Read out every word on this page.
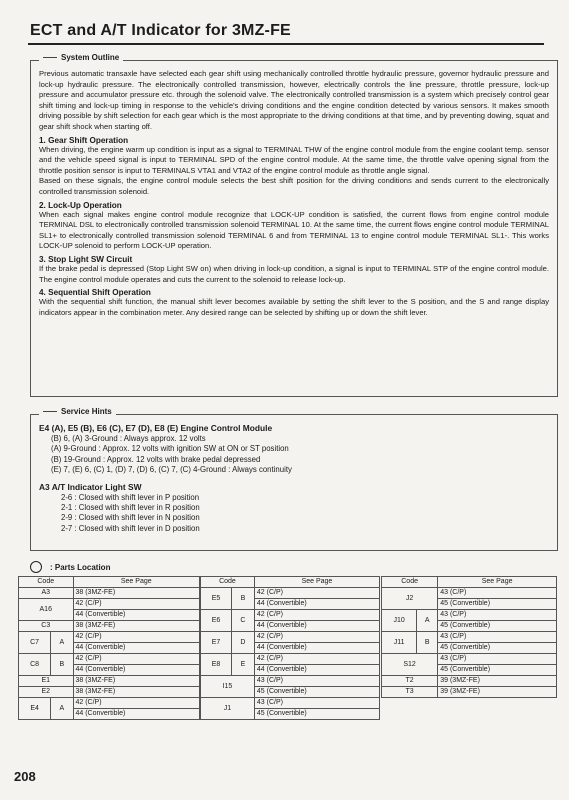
ECT and A/T Indicator for 3MZ-FE
System Outline

Previous automatic transaxle have selected each gear shift using mechanically controlled throttle hydraulic pressure, governor hydraulic pressure and lock-up hydraulic pressure. The electronically controlled transmission, however, electrically controls the line pressure, throttle pressure, lock-up pressure and accumulator pressure etc. through the solenoid valve. The electronically controlled transmission is a system which precisely control gear shift timing and lock-up timing in response to the vehicle's driving conditions and the engine condition detected by various sensors. It makes smooth driving possible by shift selection for each gear which is the most appropriate to the driving conditions at that time, and by preventing dowing, squat and gear shift shock when starting off.

1. Gear Shift Operation

When driving, the engine warm up condition is input as a signal to TERMINAL THW of the engine control module from the engine coolant temp. sensor and the vehicle speed signal is input to TERMINAL SPD of the engine control module. At the same time, the throttle valve opening signal from the throttle position sensor is input to TERMINALS VTA1 and VTA2 of the engine control module as throttle angle signal.

Based on these signals, the engine control module selects the best shift position for the driving conditions and sends current to the electronically controlled transmission solenoid.

2. Lock-Up Operation

When each signal makes engine control module recognize that LOCK-UP condition is satisfied, the current flows from engine control module TERMINAL DSL to electronically controlled transmission solenoid TERMINAL 10. At the same time, the current flows engine control module TERMINAL SL1+ to electronically controlled transmission solenoid TERMINAL 6 and from TERMINAL 13 to engine control module TERMINAL SL1-. This works LOCK-UP solenoid to perform LOCK-UP operation.

3. Stop Light SW Circuit

If the brake pedal is depressed (Stop Light SW on) when driving in lock-up condition, a signal is input to TERMINAL STP of the engine control module. The engine control module operates and cuts the current to the solenoid to release lock-up.

4. Sequential Shift Operation

With the sequential shift function, the manual shift lever becomes available by setting the shift lever to the S position, and the S and range display indicators appear in the combination meter. Any desired range can be selected by shifting up or down the shift lever.

Service Hints

E4 (A), E5 (B), E6 (C), E7 (D), E8 (E) Engine Control Module

(B) 6, (A) 3-Ground : Always approx. 12 volts

(A) 9-Ground : Approx. 12 volts with ignition SW at ON or ST position

(B) 19-Ground : Approx. 12 volts with brake pedal depressed

(E) 7, (E) 6, (C) 1, (D) 7, (D) 6, (C) 7, (C) 4-Ground : Always continuity

A3 A/T Indicator Light SW

2-6 : Closed with shift lever in P position

2-1 : Closed with shift lever in R position

2-9 : Closed with shift lever in N position

2-7 : Closed with shift lever in D position

: Parts Location
Code		See Page
A3		38 (3MZ-FE)
A16		42 (C/P)
		44 (Convertible)
C3		38 (3MZ-FE)
C7	A	42 (C/P)
		44 (Convertible)
C8	B	42 (C/P)
		44 (Convertible)
E1		38 (3MZ-FE)
E2		38 (3MZ-FE)
E4	A	42 (C/P)
		44 (Convertible)
Code		See Page
E5	B	42 (C/P)
		44 (Convertible)
E6	C	42 (C/P)
		44 (Convertible)
E7	D	42 (C/P)
		44 (Convertible)
E8	E	42 (C/P)
		44 (Convertible)
I15		43 (C/P)
		45 (Convertible)
J1		43 (C/P)
		45 (Convertible)
Code		See Page
J2		43 (C/P)
		45 (Convertible)
J10	A	43 (C/P)
		45 (Convertible)
J11	B	43 (C/P)
		45 (Convertible)
S12		43 (C/P)
		45 (Convertible)
T2		39 (3MZ-FE)
T3		39 (3MZ-FE)
208
